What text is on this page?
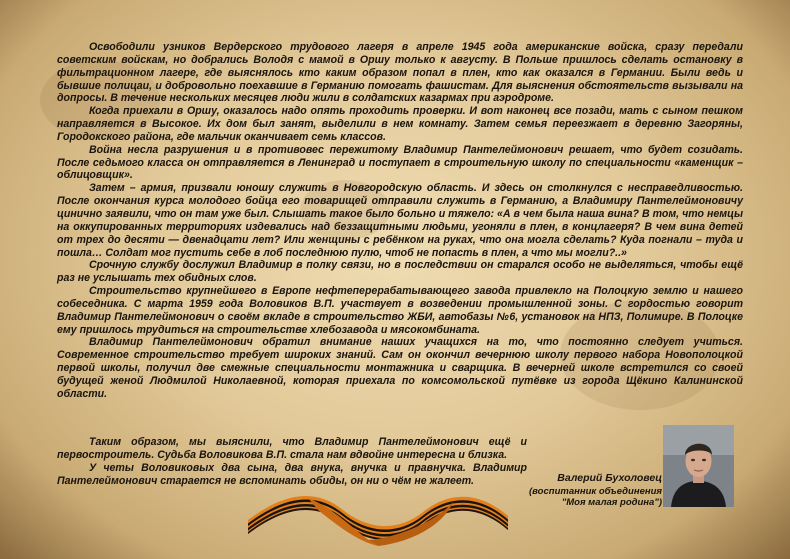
Освободили узников Вердерского трудового лагеря в апреле 1945 года американские войска, сразу передали советским войскам, но добрались Володя с мамой в Оршу только к августу. В Польше пришлось сделать остановку в фильтрационном лагере, где выяснялось кто каким образом попал в плен, кто как оказался в Германии. Были ведь и бывшие полицаи, и добровольно поехавшие в Германию помогать фашистам. Для выяснения обстоятельств вызывали на допросы. В течение нескольких месяцев люди жили в солдатских казармах при аэродроме.

Когда приехали в Оршу, оказалось надо опять проходить проверки. И вот наконец все позади, мать с сыном пешком направляется в Высокое. Их дом был занят, выделили в нем комнату. Затем семья переезжает в деревню Загоряны, Городокского района, где мальчик оканчивает семь классов.

Война несла разрушения и в противовес пережитому Владимир Пантелеймонович решает, что будет созидать. После седьмого класса он отправляется в Ленинград и поступает в строительную школу по специальности «каменщик – облицовщик».

Затем – армия, призвали юношу служить в Новгородскую область. И здесь он столкнулся с несправедливостью. После окончания курса молодого бойца его товарищей отправили служить в Германию, а Владимиру Пантелеймоновичу цинично заявили, что он там уже был. Слышать такое было больно и тяжело: «А в чем была наша вина? В том, что немцы на оккупированных территориях издевались над беззащитными людьми, угоняли в плен, в концлагеря? В чем вина детей от трех до десяти — двенадцати лет? Или женщины с ребёнком на руках, что она могла сделать? Куда погнали – туда и пошла… Солдат мог пустить себе в лоб последнюю пулю, чтоб не попасть в плен, а что мы могли?..»

Срочную службу дослужил Владимир в полку связи, но в последствии он старался особо не выделяться, чтобы ещё раз не услышать тех обидных слов.

Строительство крупнейшего в Европе нефтеперерабатывающего завода привлекло на Полоцкую землю и нашего собеседника. С марта 1959 года Воловиков В.П. участвует в возведении промышленной зоны. С гордостью говорит Владимир Пантелеймонович о своём вкладе в строительство ЖБИ, автобазы №6, установок на НПЗ, Полимире. В Полоцке ему пришлось трудиться на строительстве хлебозавода и мясокомбината.

Владимир Пантелеймонович обратил внимание наших учащихся на то, что постоянно следует учиться. Современное строительство требует широких знаний. Сам он окончил вечернюю школу первого набора Новополоцкой первой школы, получил две смежные специальности монтажника и сварщика. В вечерней школе встретился со своей будущей женой Людмилой Николаевной, которая приехала по комсомольской путёвке из города Щёкино Калининской области.

Таким образом, мы выяснили, что Владимир Пантелеймонович ещё и первостроитель. Судьба Воловикова В.П. стала нам вдвойне интересна и близка.

У четы Воловиковых два сына, два внука, внучка и правнучка. Владимир Пантелеймонович старается не вспоминать обиды, он ни о чём не жалеет.	Валерий Бухоловец
(воспитанник объединения
"Моя малая родина")
